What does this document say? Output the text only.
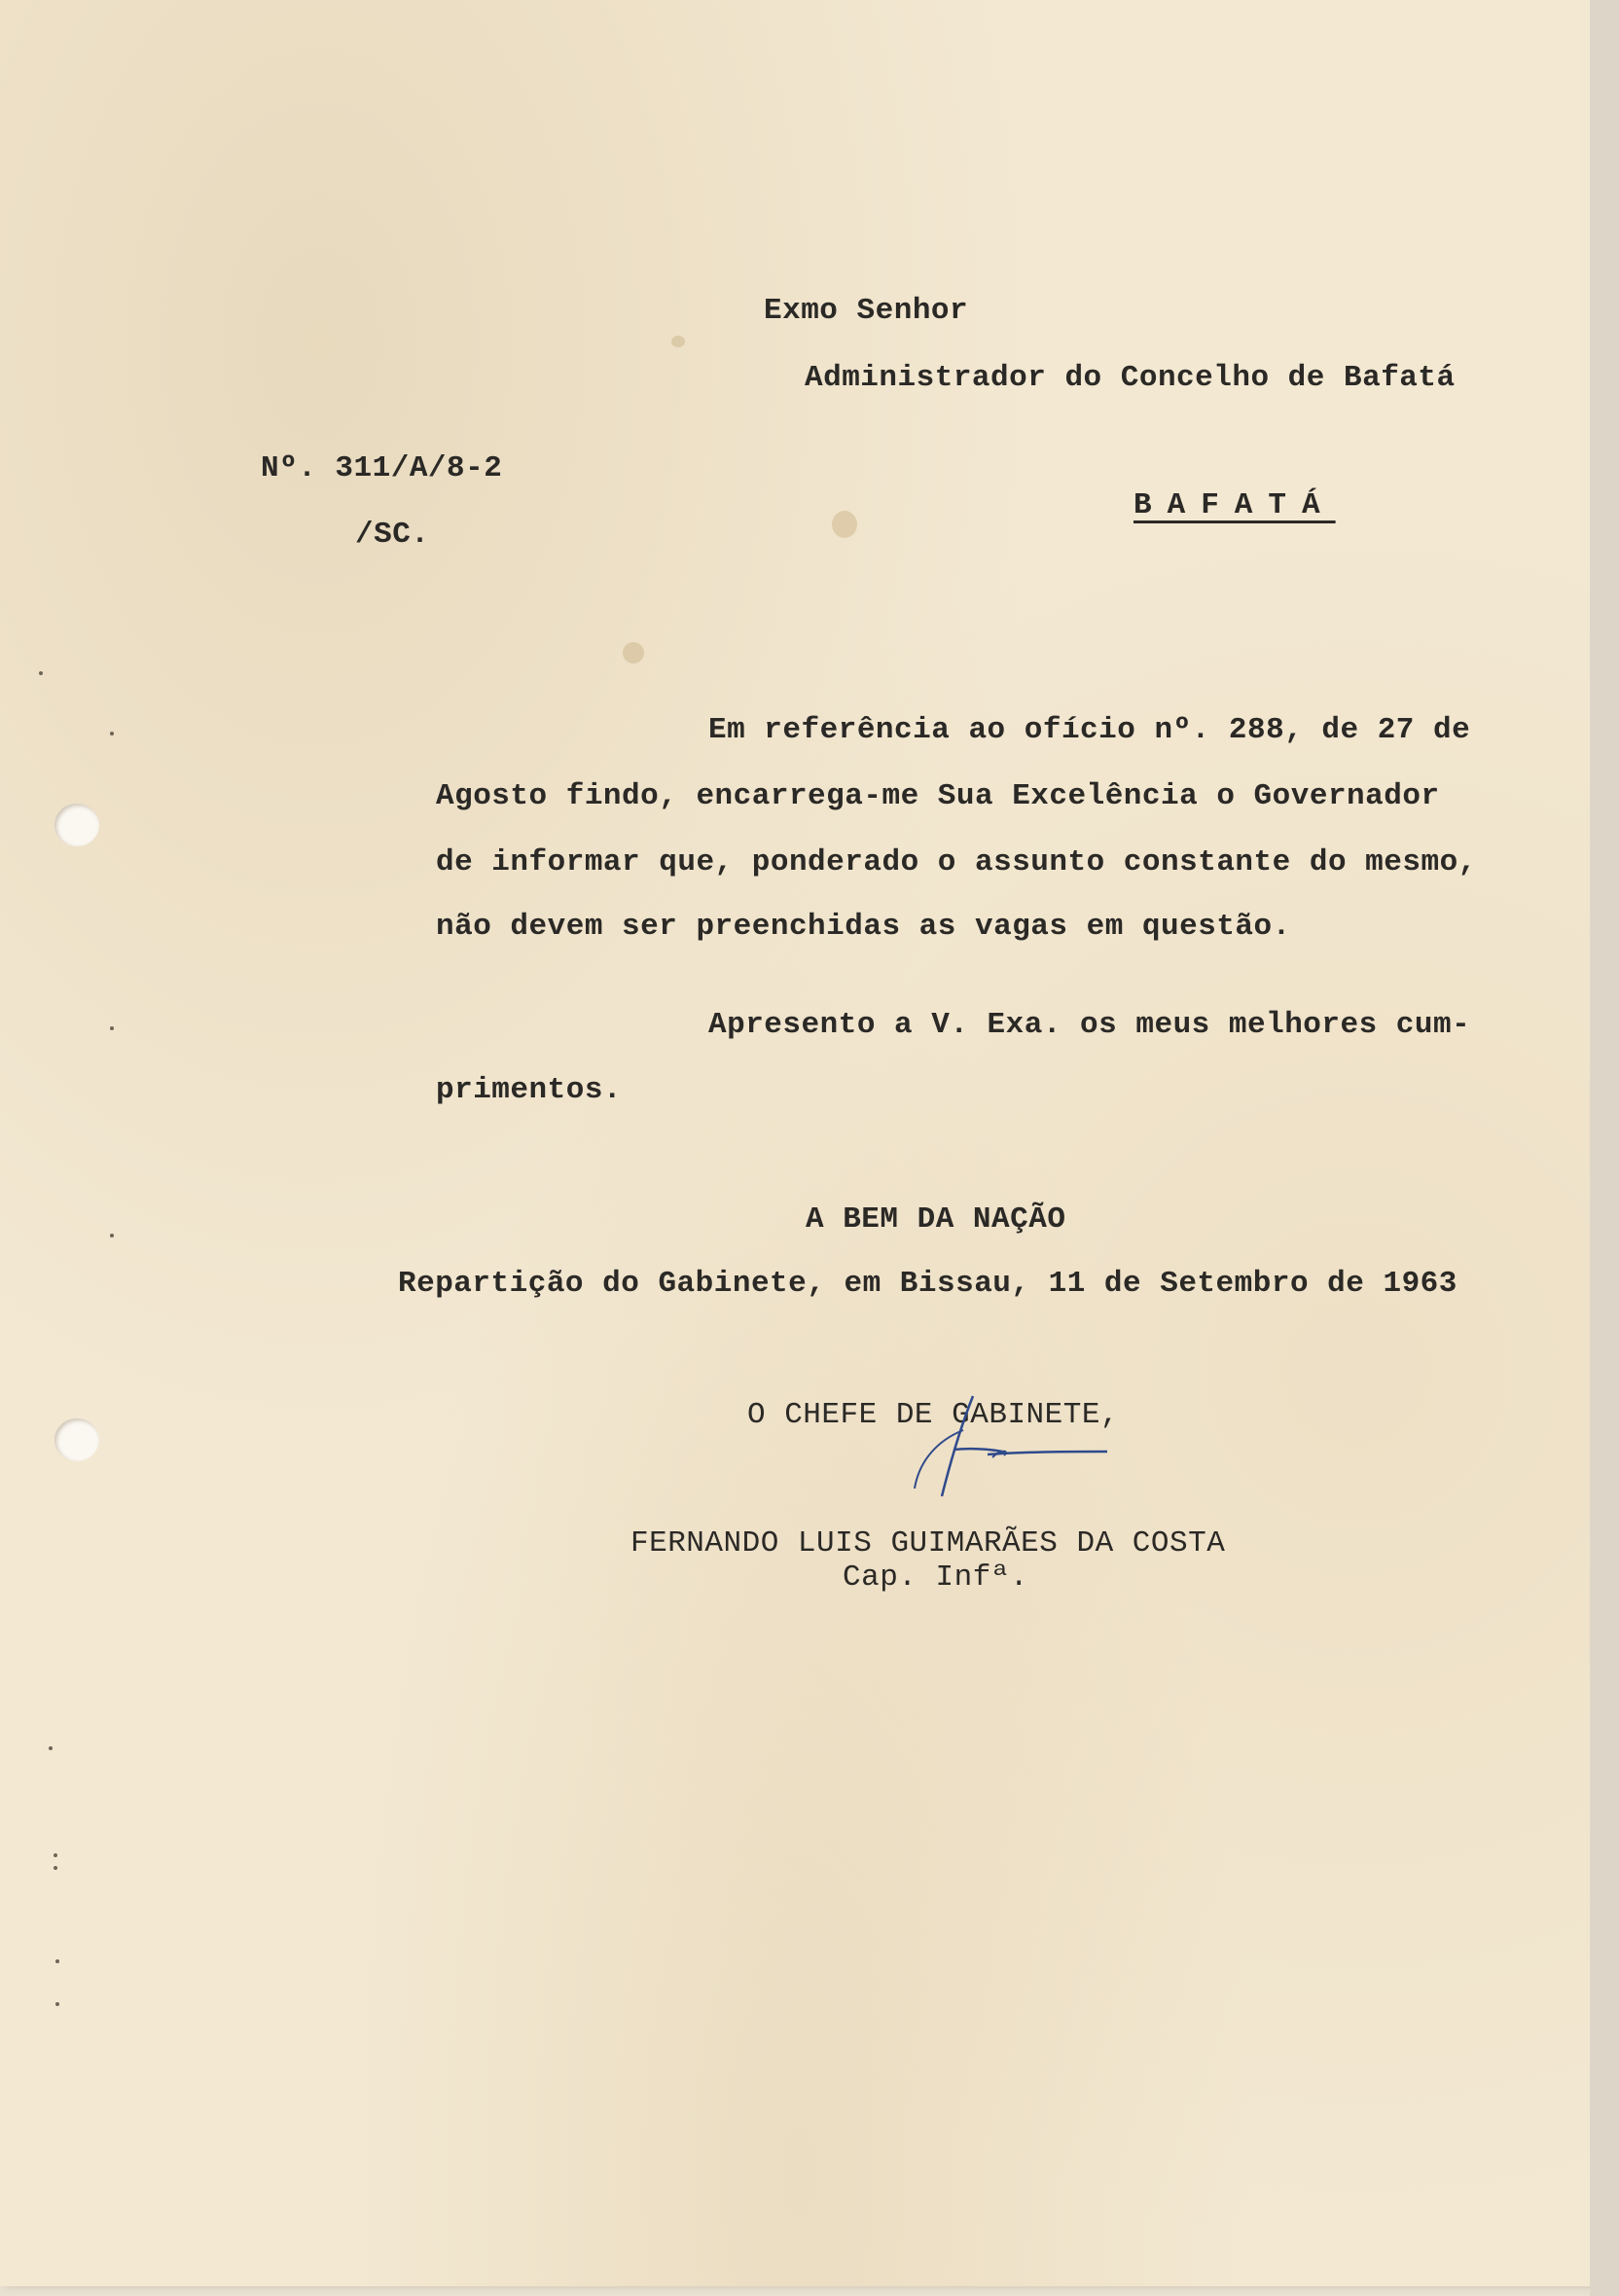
Exmo Senhor
Administrador do Concelho de Bafatá
Nº. 311/A/8-2
/SC.
BAFATÁ
Em referência ao ofício nº. 288, de 27 de
Agosto findo, encarrega-me Sua Excelência o Governador
de informar que, ponderado o assunto constante do mesmo,
não devem ser preenchidas as vagas em questão.
Apresento a V. Exa. os meus melhores cum-
primentos.
A BEM DA NAÇÃO
Repartição do Gabinete, em Bissau, 11 de Setembro de 1963
O CHEFE DE GABINETE,
FERNANDO LUIS GUIMARÃES DA COSTA
Cap. Infª.
